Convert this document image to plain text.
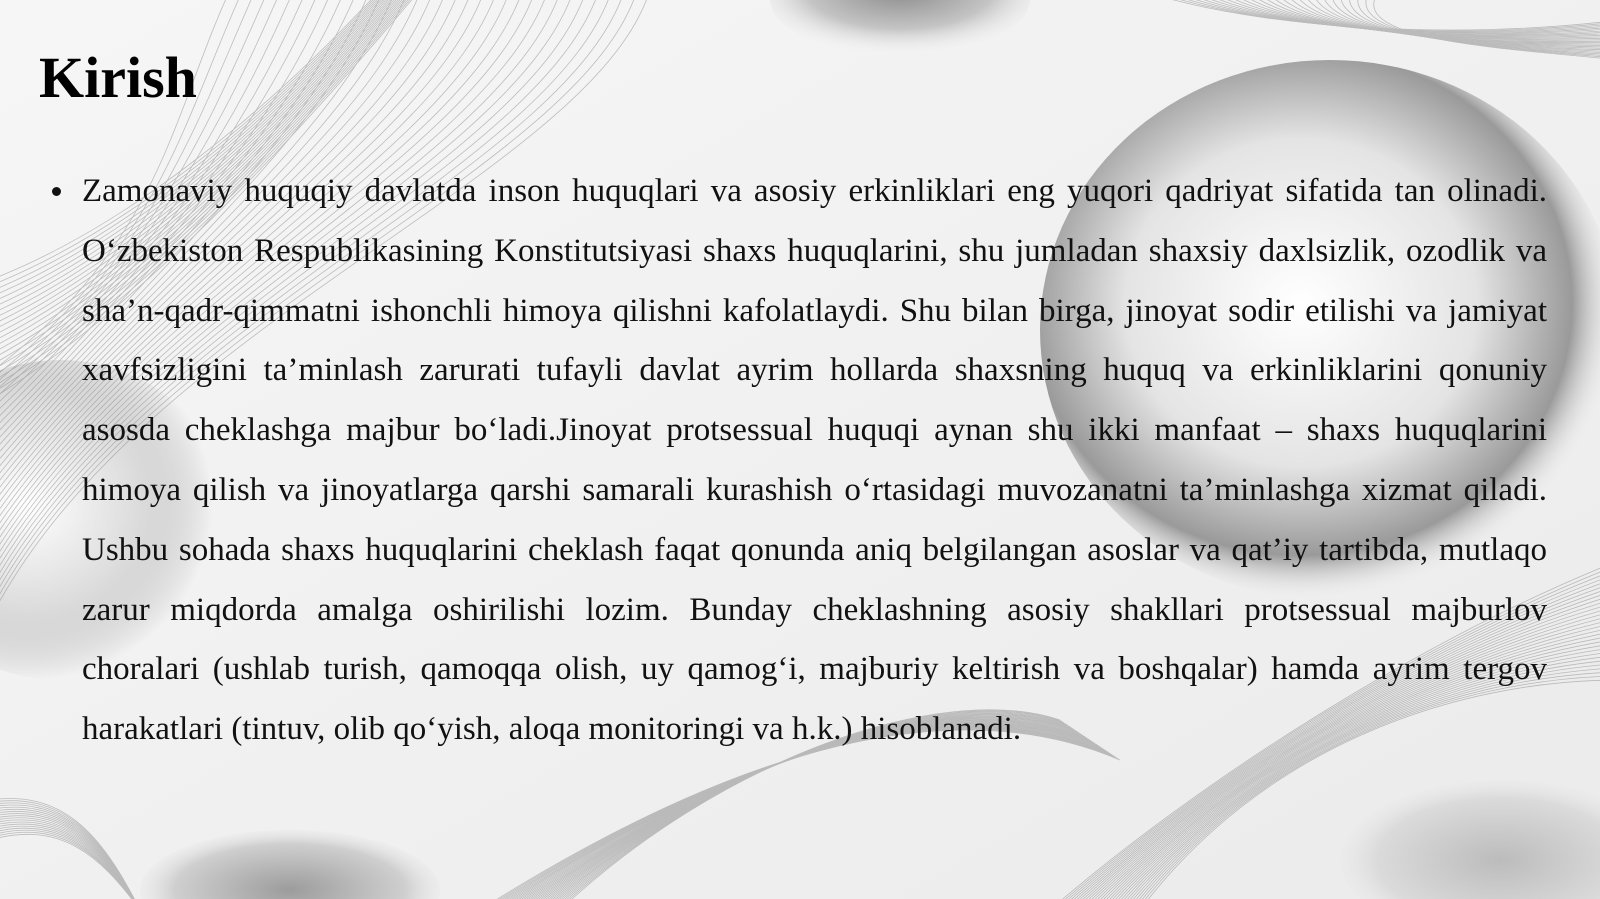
Kirish
Zamonaviy huquqiy davlatda inson huquqlari va asosiy erkinliklari eng yuqori qadriyat sifatida tan olinadi. O‘zbekiston Respublikasining Konstitutsiyasi shaxs huquqlarini, shu jumladan shaxsiy daxlsizlik, ozodlik va sha’n-qadr-qimmatni ishonchli himoya qilishni kafolatlaydi. Shu bilan birga, jinoyat sodir etilishi va jamiyat xavfsizligini ta’minlash zarurati tufayli davlat ayrim hollarda shaxsning huquq va erkinliklarini qonuniy asosda cheklashga majbur bo‘ladi.Jinoyat protsessual huquqi aynan shu ikki manfaat – shaxs huquqlarini himoya qilish va jinoyatlarga qarshi samarali kurashish o‘rtasidagi muvozanatni ta’minlashga xizmat qiladi. Ushbu sohada shaxs huquqlarini cheklash faqat qonunda aniq belgilangan asoslar va qat’iy tartibda, mutlaqo zarur miqdorda amalga oshirilishi lozim. Bunday cheklashning asosiy shakllari protsessual majburlov choralari (ushlab turish, qamoqqa olish, uy qamog‘i, majburiy keltirish va boshqalar) hamda ayrim tergov harakatlari (tintuv, olib qo‘yish, aloqa monitoringi va h.k.) hisoblanadi.
